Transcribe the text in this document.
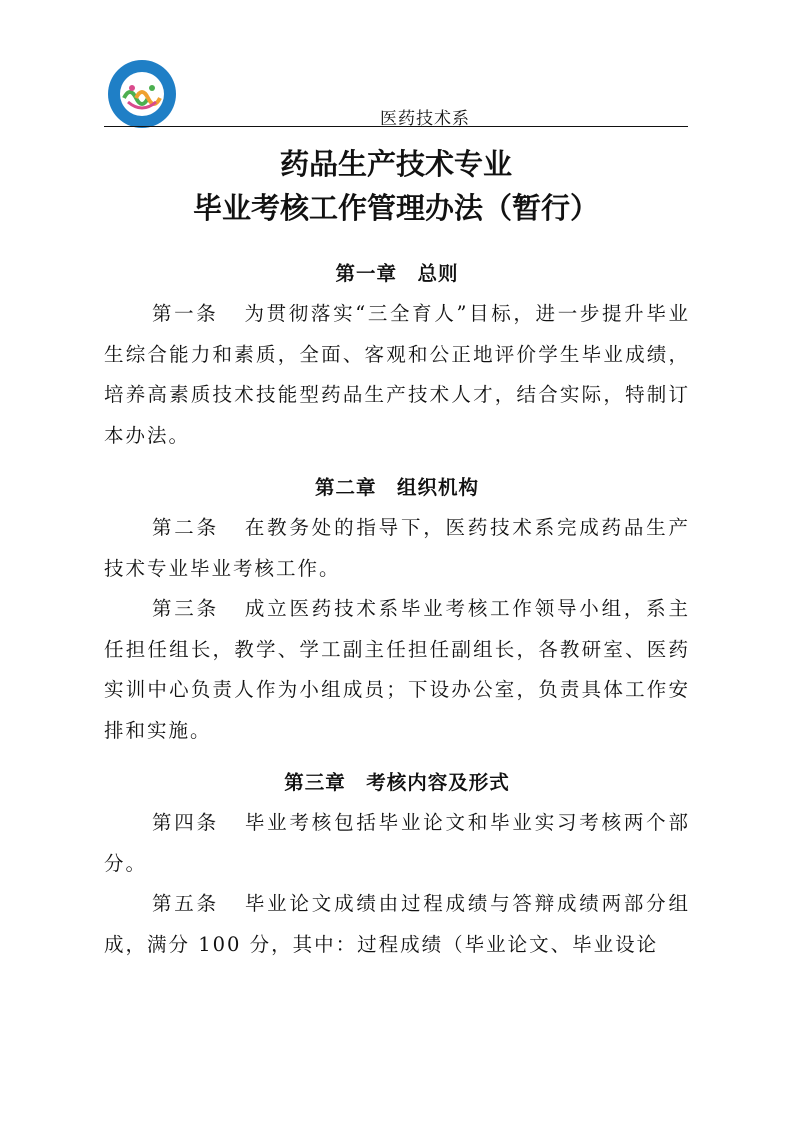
医药技术系
药品生产技术专业
毕业考核工作管理办法（暂行）
第一章　总则
第一条 为贯彻落实“三全育人”目标，进一步提升毕业生综合能力和素质，全面、客观和公正地评价学生毕业成绩，培养高素质技术技能型药品生产技术人才，结合实际，特制订本办法。
第二章　组织机构
第二条 在教务处的指导下，医药技术系完成药品生产技术专业毕业考核工作。
第三条 成立医药技术系毕业考核工作领导小组，系主任担任组长，教学、学工副主任担任副组长，各教研室、医药实训中心负责人作为小组成员；下设办公室，负责具体工作安排和实施。
第三章　考核内容及形式
第四条 毕业考核包括毕业论文和毕业实习考核两个部分。
第五条 毕业论文成绩由过程成绩与答辩成绩两部分组成，满分 100 分，其中：过程成绩（毕业论文、毕业设论
